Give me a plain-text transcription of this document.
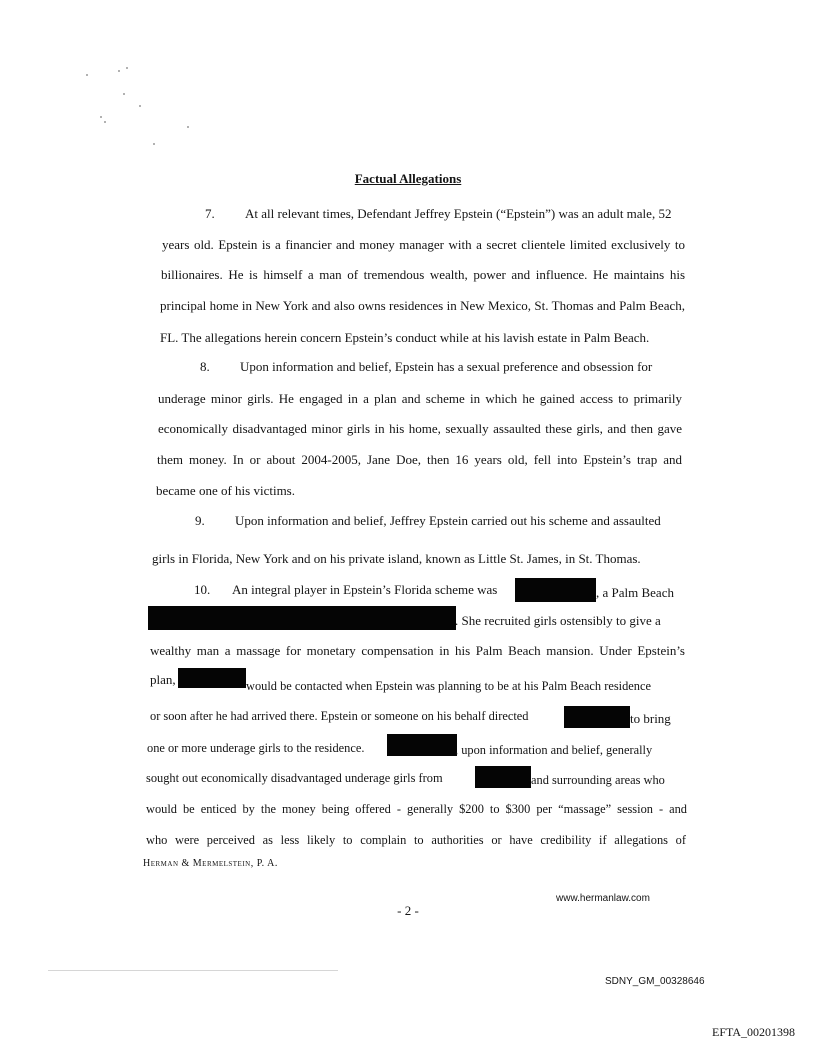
Factual Allegations

7. At all relevant times, Defendant Jeffrey Epstein (“Epstein”) was an adult male, 52

years old. Epstein is a financier and money manager with a secret clientele limited exclusively to

billionaires. He is himself a man of tremendous wealth, power and influence. He maintains his

principal home in New York and also owns residences in New Mexico, St. Thomas and Palm Beach,

FL. The allegations herein concern Epstein’s conduct while at his lavish estate in Palm Beach.

8. Upon information and belief, Epstein has a sexual preference and obsession for

underage minor girls. He engaged in a plan and scheme in which he gained access to primarily

economically disadvantaged minor girls in his home, sexually assaulted these girls, and then gave

them money. In or about 2004-2005, Jane Doe, then 16 years old, fell into Epstein’s trap and

became one of his victims.

9. Upon information and belief, Jeffrey Epstein carried out his scheme and assaulted

girls in Florida, New York and on his private island, known as Little St. James, in St. Thomas.

10. An integral player in Epstein’s Florida scheme was	, a Palm Beach

. She recruited girls ostensibly to give a

wealthy man a massage for monetary compensation in his Palm Beach mansion. Under Epstein’s

plan,	would be contacted when Epstein was planning to be at his Palm Beach residence

or soon after he had arrived there. Epstein or someone on his behalf directed	to bring

one or more underage girls to the residence.	, upon information and belief, generally

sought out economically disadvantaged underage girls from	and surrounding areas who

would be enticed by the money being offered - generally $200 to $300 per “massage” session - and

who were perceived as less likely to complain to authorities or have credibility if allegations of

Herman & Mermelstein, P. A.

www.hermanlaw.com

- 2 -

SDNY_GM_00328646

EFTA_00201398
